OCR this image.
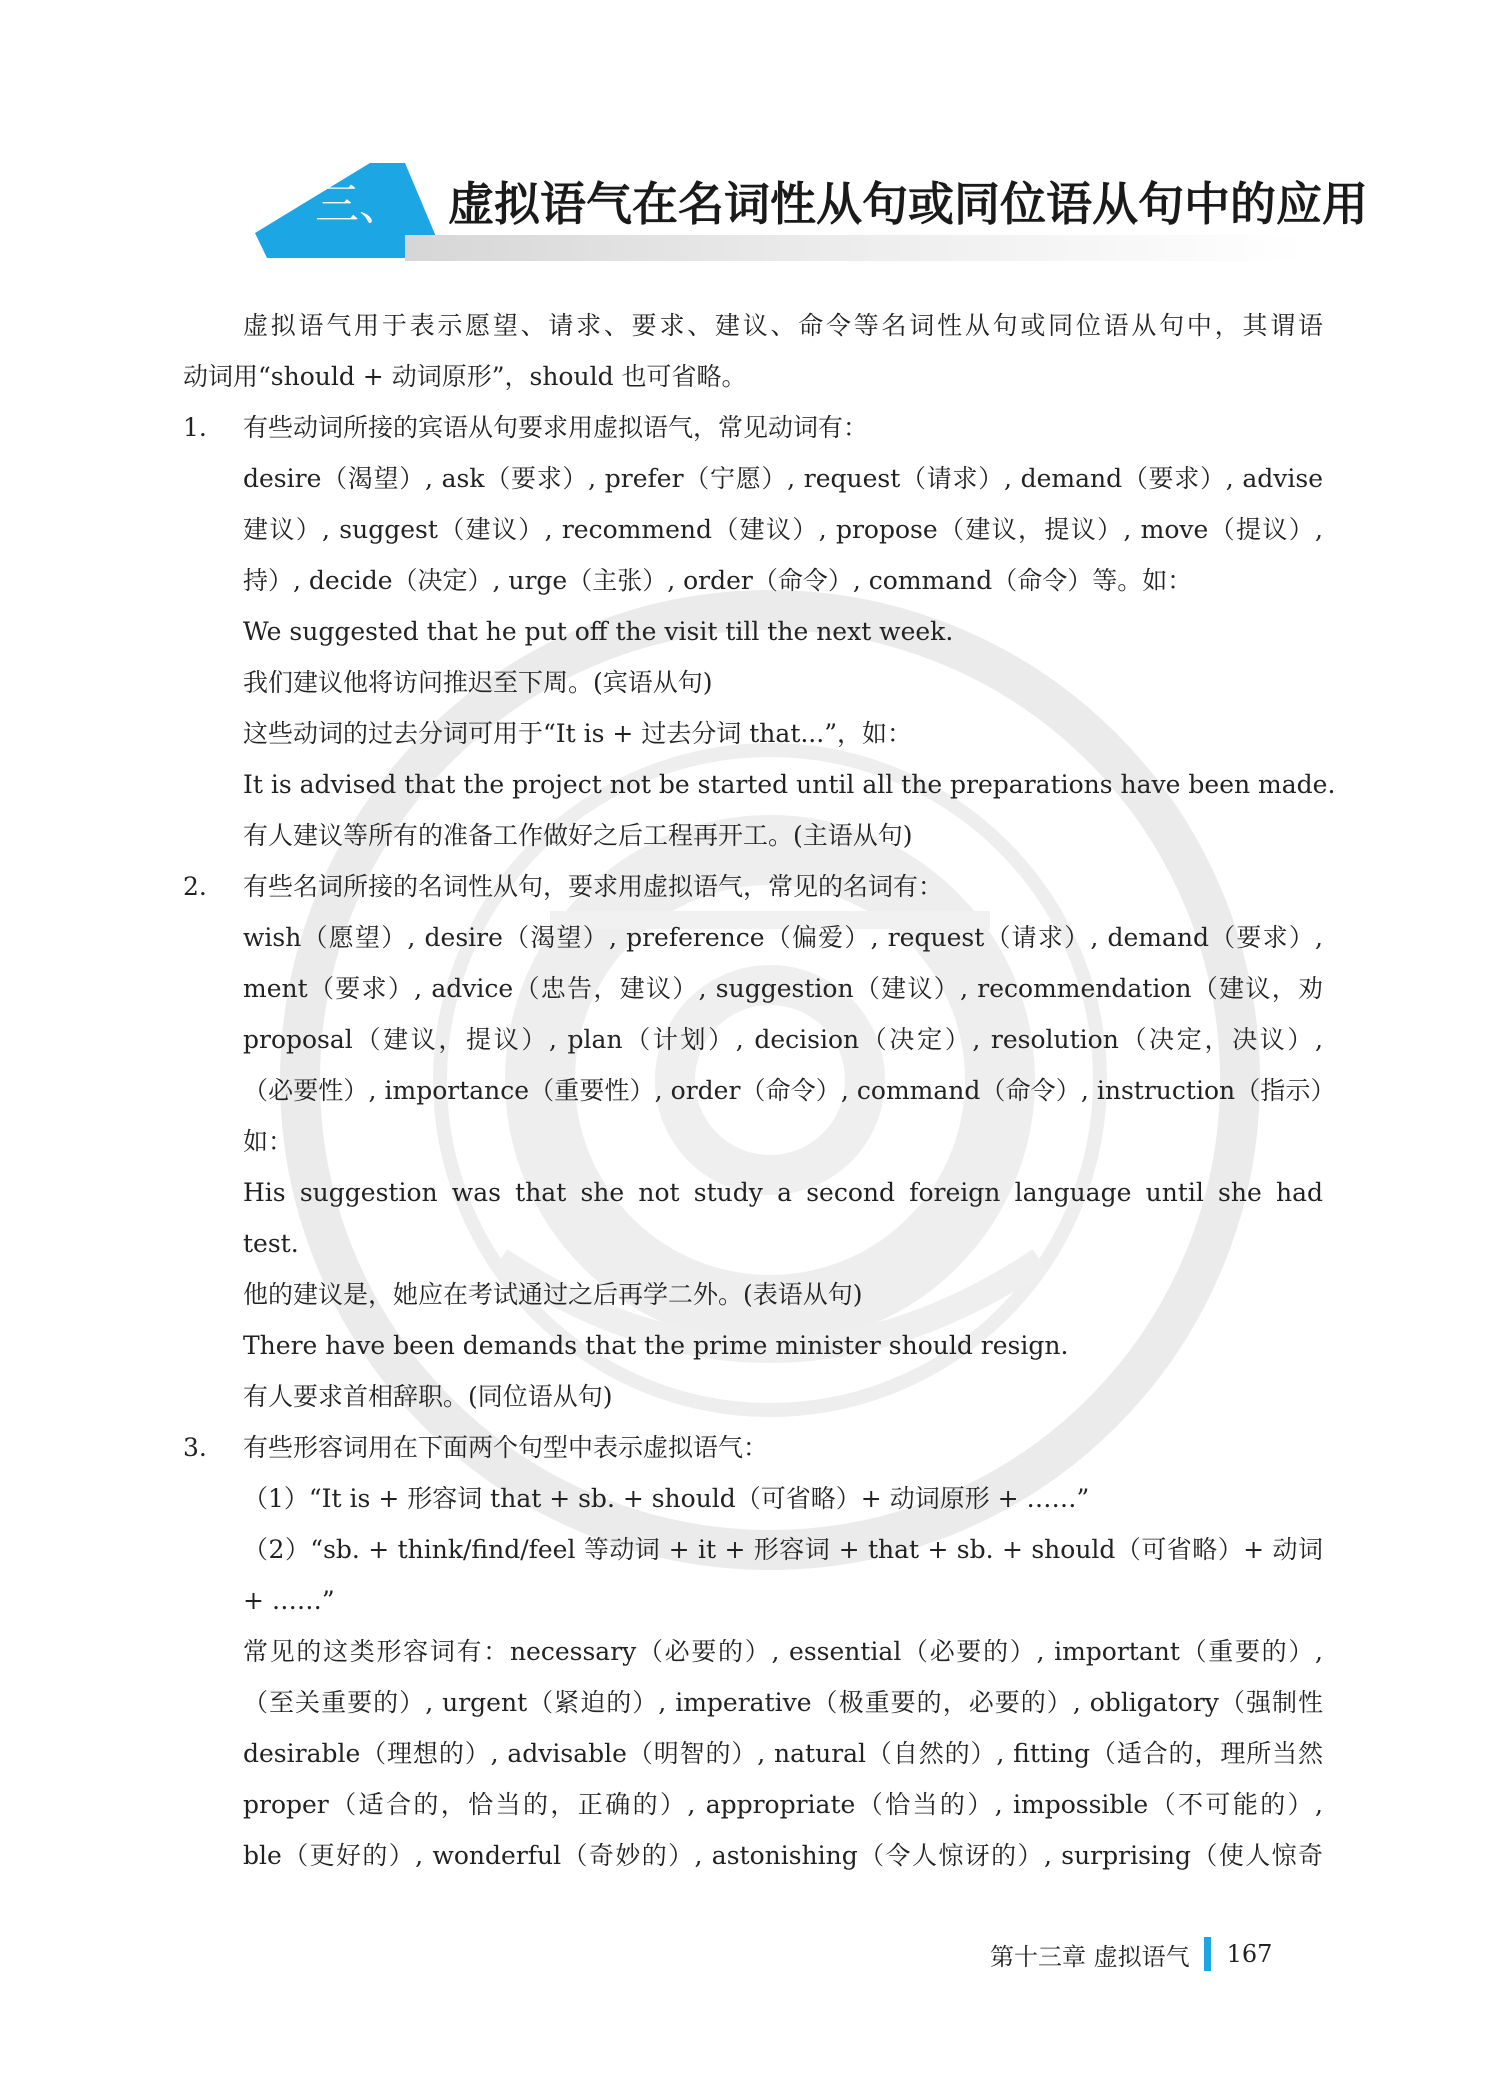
三、 虚拟语气在名词性从句或同位语从句中的应用
虚拟语气用于表示愿望、请求、要求、建议、命令等名词性从句或同位语从句中，其谓语
动词用“should + 动词原形”，should 也可省略。
1. 有些动词所接的宾语从句要求用虚拟语气，常见动词有：
desire（渴望）, ask（要求）, prefer（宁愿）, request（请求）, demand（要求）, advise
建议）, suggest（建议）, recommend（建议）, propose（建议，提议）, move（提议）,
持）, decide（决定）, urge（主张）, order（命令）, command（命令）等。如：
We suggested that he put off the visit till the next week.
我们建议他将访问推迟至下周。(宾语从句)
这些动词的过去分词可用于“It is + 过去分词 that...”，如：
It is advised that the project not be started until all the preparations have been made.
有人建议等所有的准备工作做好之后工程再开工。(主语从句)
2. 有些名词所接的名词性从句，要求用虚拟语气，常见的名词有：
wish（愿望）, desire（渴望）, preference（偏爱）, request（请求）, demand（要求）,
ment（要求）, advice（忠告，建议）, suggestion（建议）, recommendation（建议，劝
proposal（建议，提议）, plan（计划）, decision（决定）, resolution（决定，决议）,
（必要性）, importance（重要性）, order（命令）, command（命令）, instruction（指示）
如：
His suggestion was that she not study a second foreign language until she had
test.
他的建议是，她应在考试通过之后再学二外。(表语从句)
There have been demands that the prime minister should resign.
有人要求首相辞职。(同位语从句)
3. 有些形容词用在下面两个句型中表示虚拟语气：
（1）“It is + 形容词 that + sb. + should（可省略）+ 动词原形 + ……”
（2）“sb. + think/find/feel 等动词 + it + 形容词 + that + sb. + should（可省略）+ 动词
+ ……”
常见的这类形容词有：necessary（必要的）, essential（必要的）, important（重要的）,
（至关重要的）, urgent（紧迫的）, imperative（极重要的，必要的）, obligatory（强制性
desirable（理想的）, advisable（明智的）, natural（自然的）, fitting（适合的，理所当然
proper（适合的，恰当的，正确的）, appropriate（恰当的）, impossible（不可能的）,
ble（更好的）, wonderful（奇妙的）, astonishing（令人惊讶的）, surprising（使人惊奇
第十三章 虚拟语气 167
